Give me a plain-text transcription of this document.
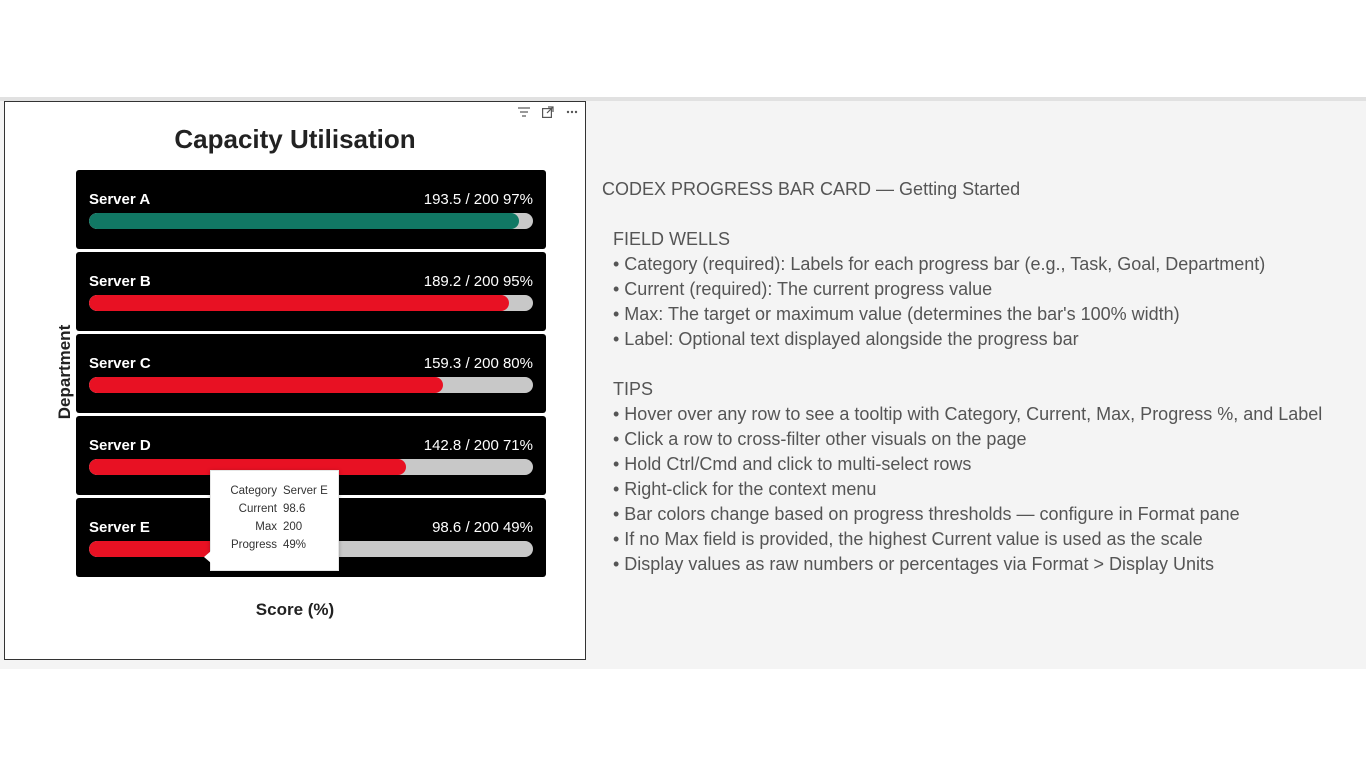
Capacity Utilisation
Department
Server A	193.5 / 200 97%
Server B	189.2 / 200 95%
Server C	159.3 / 200 80%
Server D	142.8 / 200 71%
Server E	98.6 / 200 49%
Score (%)
Category Server E
Current 98.6
Max 200
Progress 49%
CODEX PROGRESS BAR CARD — Getting Started
FIELD WELLS
• Category (required): Labels for each progress bar (e.g., Task, Goal, Department)
• Current (required): The current progress value
• Max: The target or maximum value (determines the bar's 100% width)
• Label: Optional text displayed alongside the progress bar
TIPS
• Hover over any row to see a tooltip with Category, Current, Max, Progress %, and Label
• Click a row to cross-filter other visuals on the page
• Hold Ctrl/Cmd and click to multi-select rows
• Right-click for the context menu
• Bar colors change based on progress thresholds — configure in Format pane
• If no Max field is provided, the highest Current value is used as the scale
• Display values as raw numbers or percentages via Format > Display Units
